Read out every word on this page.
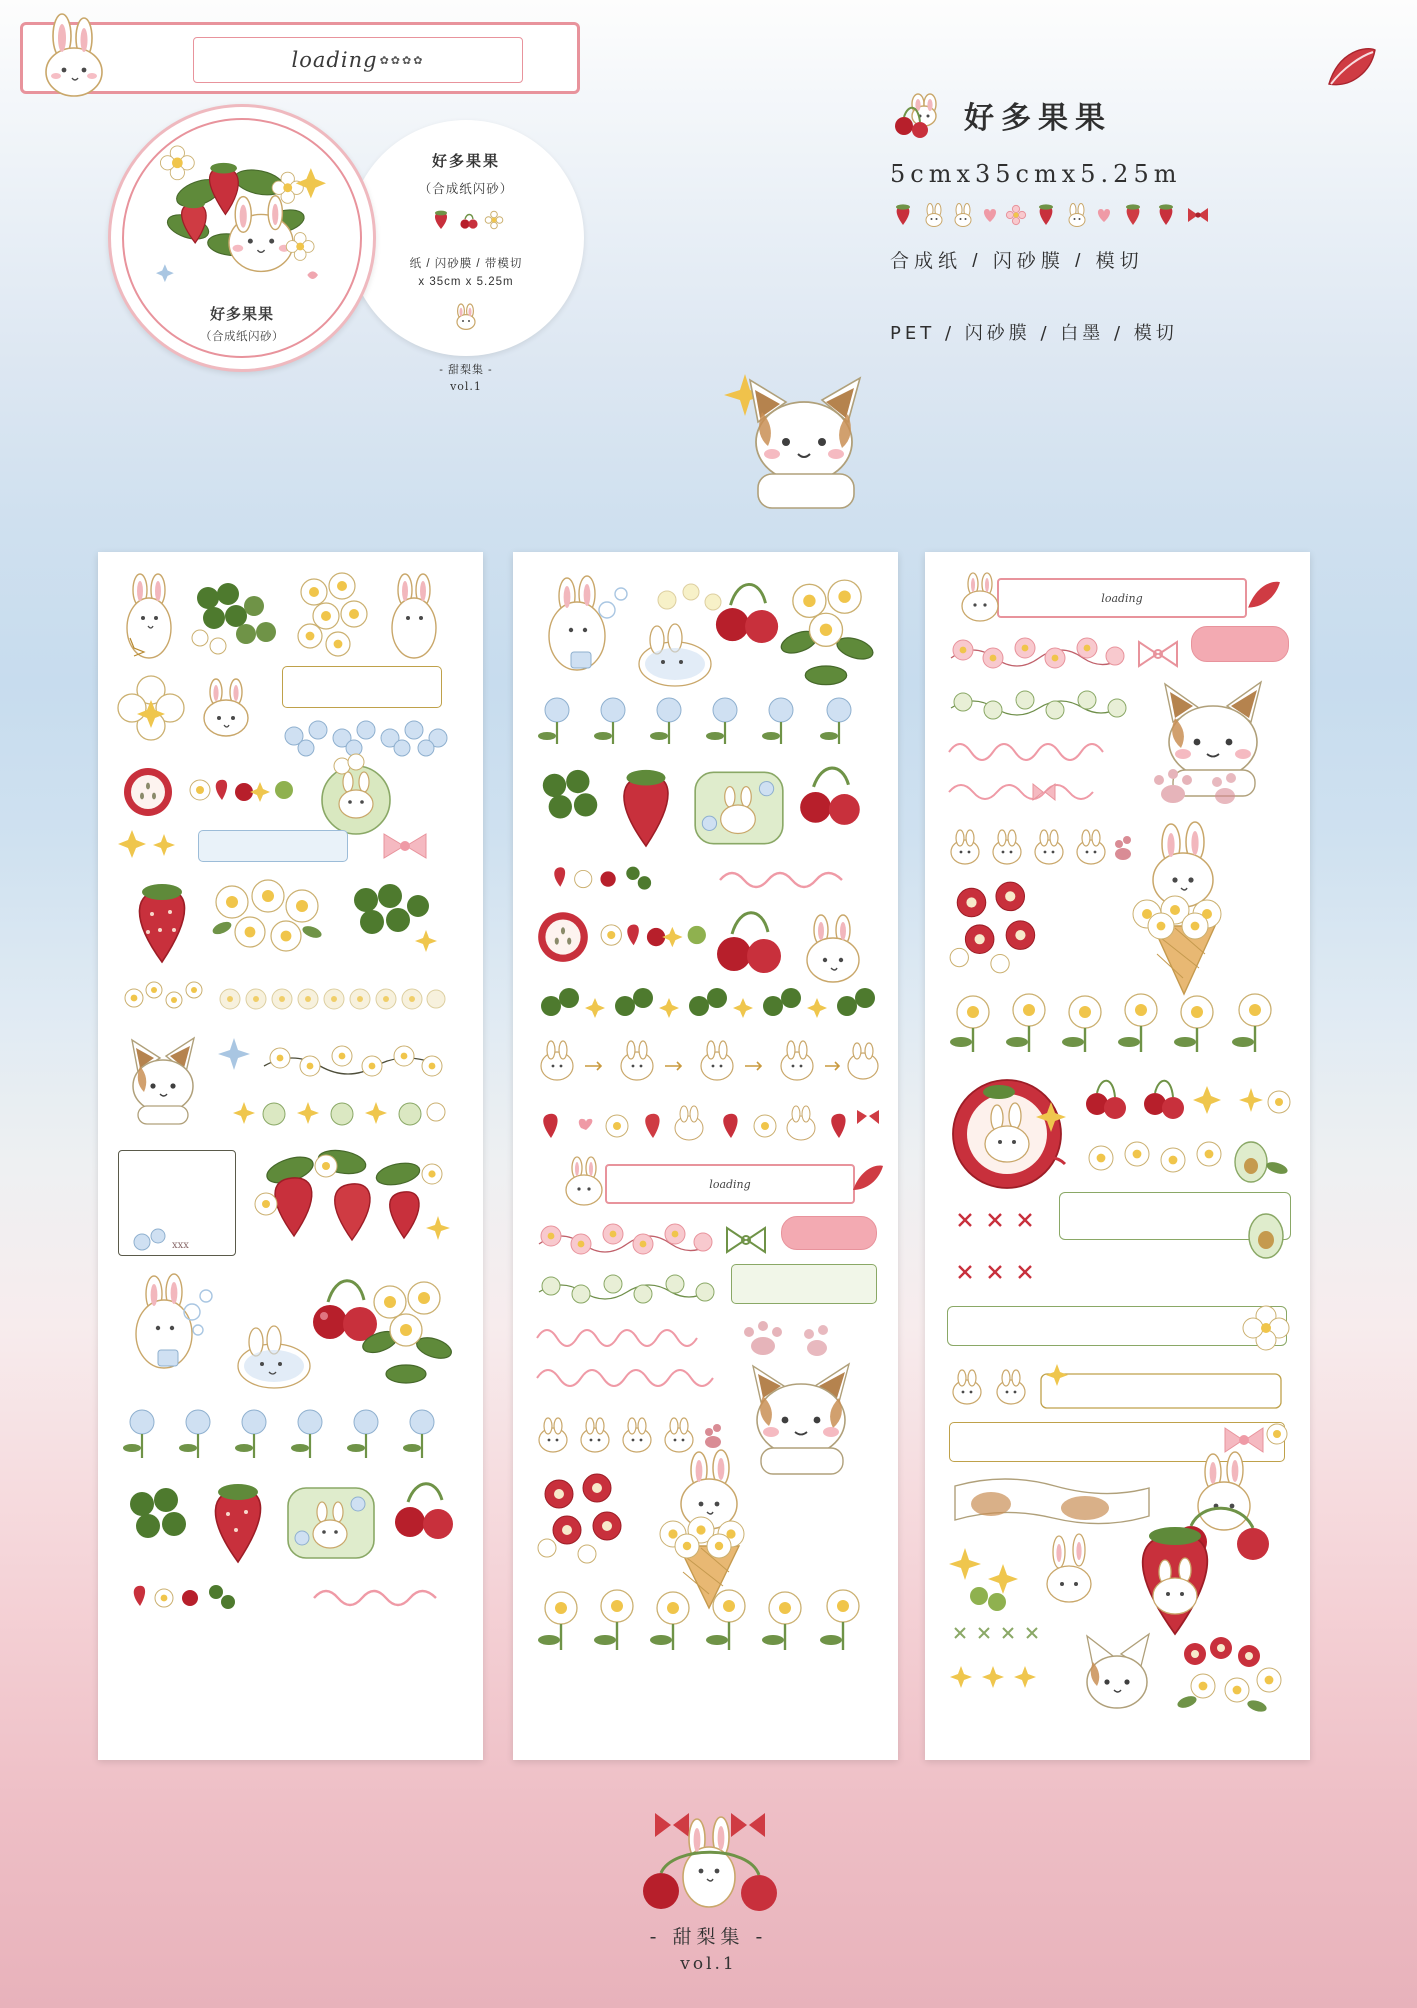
loading ✿✿✿✿
好多果果
（合成纸闪砂）
纸 / 闪砂膜 / 带模切
x 35cm x 5.25m
- 甜梨集 -
vol.1
好多果果
（合成纸闪砂）
好多果果
5cmx35cmx5.25m
合成纸 / 闪砂膜 / 模切
PET / 闪砂膜 / 白墨 / 模切
xxx
loading
loading
- 甜梨集 -
vol.1
